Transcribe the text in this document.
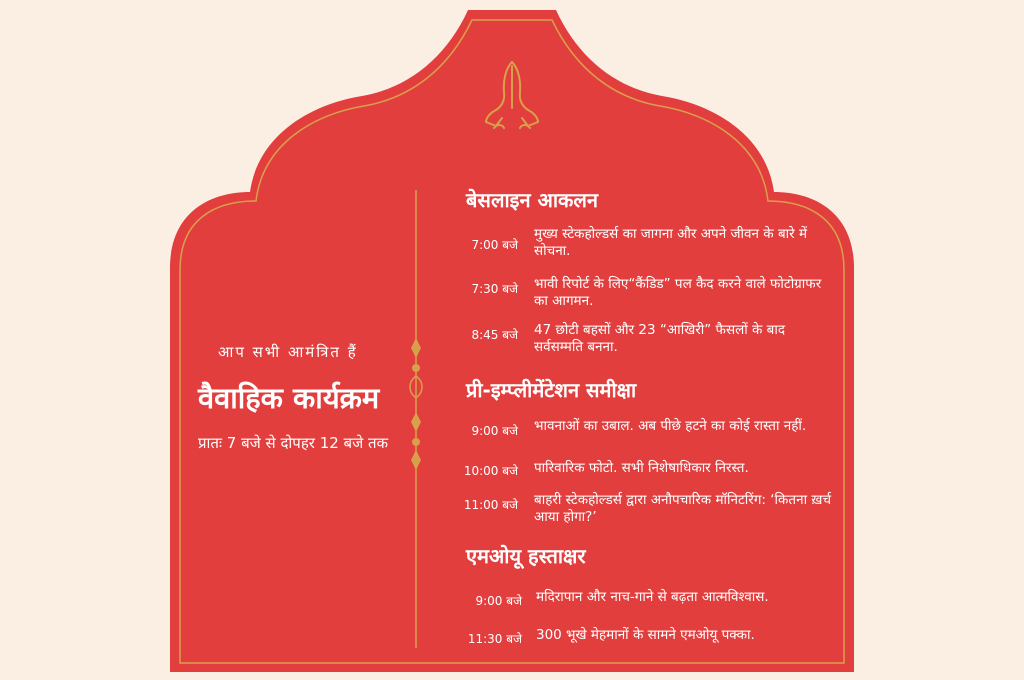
आप सभी आमंत्रित हैं
वैवाहिक कार्यक्रम
प्रातः 7 बजे से दोपहर 12 बजे तक
बेसलाइन आकलन
7:00 बजे
मुख्य स्टेकहोल्डर्स का जागना और अपने जीवन के बारे में सोचना.
7:30 बजे भावी रिपोर्ट के लिए“कैंडिड” पल कैद करने वाले फोटोग्राफर का आगमन.
8:45 बजे 47 छोटी बहसों और 23 “आखिरी” फैसलों के बाद सर्वसम्मति बनना.
प्री-इम्प्लीमेंटेशन समीक्षा
9:00 बजे भावनाओं का उबाल. अब पीछे हटने का कोई रास्ता नहीं.
10:00 बजे पारिवारिक फोटो. सभी निशेषाधिकार निरस्त.
11:00 बजे बाहरी स्टेकहोल्डर्स द्वारा अनौपचारिक मॉनिटरिंग: ‘कितना ख़र्च आया होगा?’
एमओयू हस्ताक्षर
9:00 बजे मदिरापान और नाच-गाने से बढ़ता आत्मविश्वास.
11:30 बजे 300 भूखे मेहमानों के सामने एमओयू पक्का.
